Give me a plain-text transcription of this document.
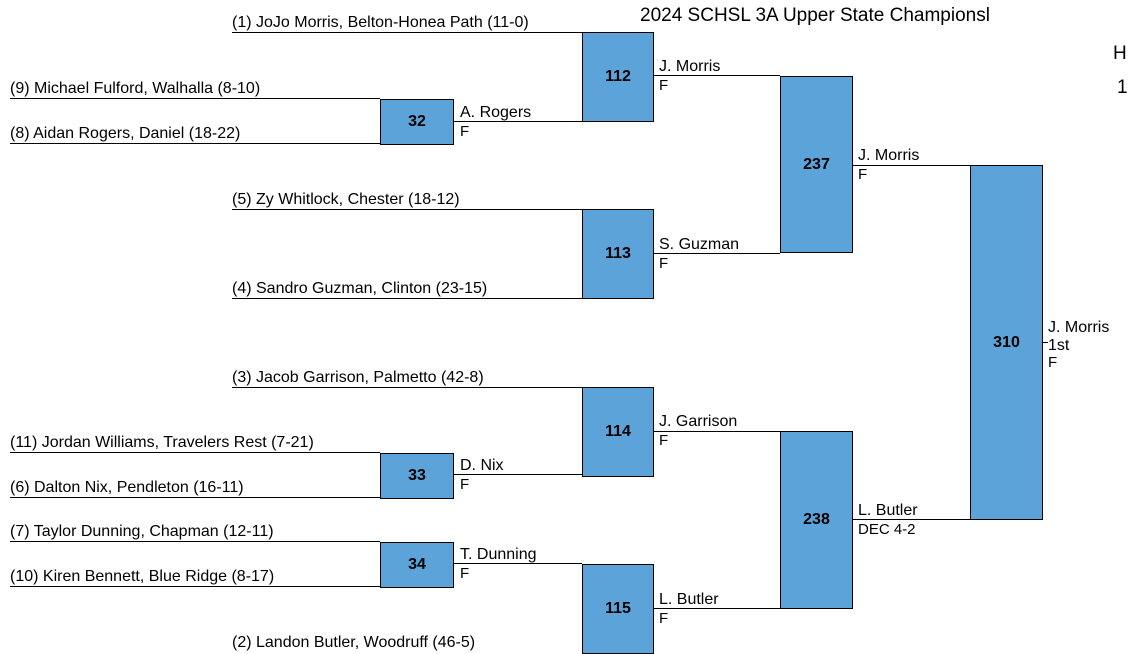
2024 SCHSL 3A Upper State Championsl
H
1
(1) JoJo Morris, Belton-Honea Path (11-0)
(9) Michael Fulford, Walhalla (8-10)
(8) Aidan Rogers, Daniel (18-22)
(5) Zy Whitlock, Chester (18-12)
(4) Sandro Guzman, Clinton (23-15)
(3) Jacob Garrison, Palmetto (42-8)
(11) Jordan Williams, Travelers Rest (7-21)
(6) Dalton Nix, Pendleton (16-11)
(7) Taylor Dunning, Chapman (12-11)
(10) Kiren Bennett, Blue Ridge (8-17)
(2) Landon Butler, Woodruff (46-5)
32
A. Rogers
F
33
D. Nix
F
34
T. Dunning
F
112
J. Morris
F
113
S. Guzman
F
114
J. Garrison
F
115
L. Butler
F
237	J. Morris
F
238
L. Butler
DEC 4-2
310
J. Morris
1st
F
